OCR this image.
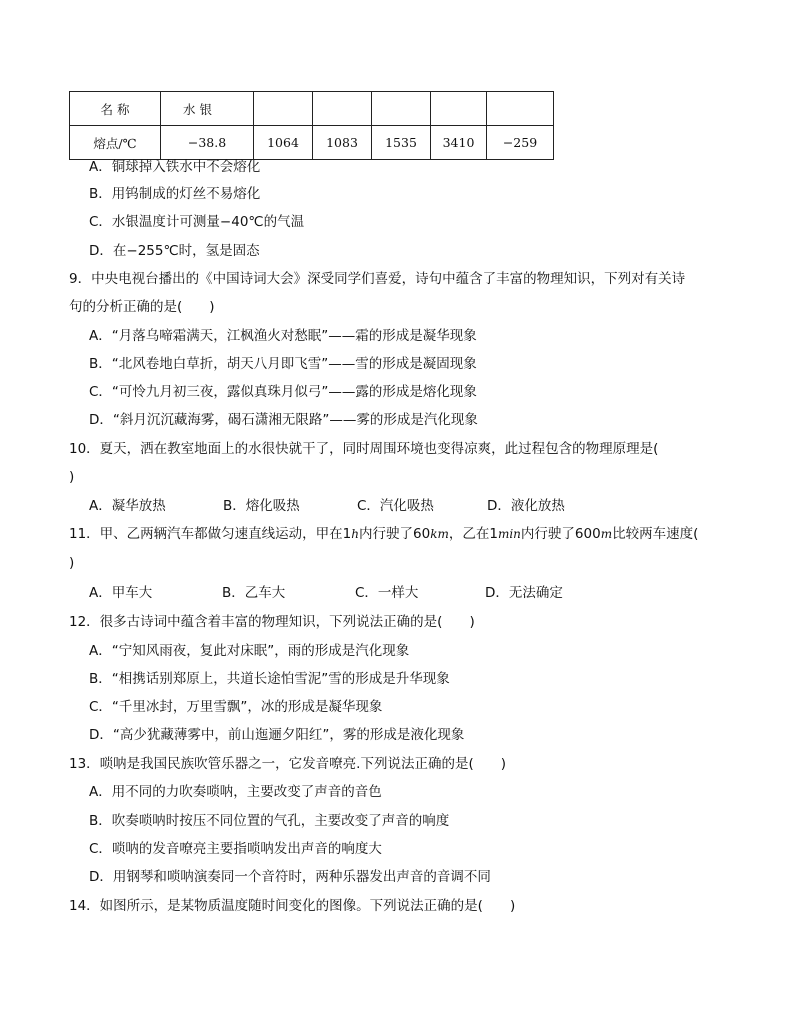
名 称	水 银					
熔点/℃	−38.8	1064	1083	1535	3410	−259
A．铜球掉入铁水中不会熔化
B．用钨制成的灯丝不易熔化
C．水银温度计可测量−40℃的气温
D．在−255℃时，氢是固态
9．中央电视台播出的《中国诗词大会》深受同学们喜爱，诗句中蕴含了丰富的物理知识，下列对有关诗
句的分析正确的是(　　)
A．“月落乌啼霜满天，江枫渔火对愁眠”——霜的形成是凝华现象
B．“北风卷地白草折，胡天八月即飞雪”——雪的形成是凝固现象
C．“可怜九月初三夜，露似真珠月似弓”——露的形成是熔化现象
D．“斜月沉沉藏海雾，碣石潇湘无限路”——雾的形成是汽化现象
10．夏天，洒在教室地面上的水很快就干了，同时周围环境也变得凉爽，此过程包含的物理原理是(
)
A．凝华放热	B．熔化吸热	C．汽化吸热	D．液化放热
11．甲、乙两辆汽车都做匀速直线运动，甲在1h内行驶了60km，乙在1min内行驶了600m比较两车速度(
)
A．甲车大	B．乙车大	C．一样大	D．无法确定
12．很多古诗词中蕴含着丰富的物理知识，下列说法正确的是(　　)
A．“宁知风雨夜，复此对床眠”，雨的形成是汽化现象
B．“相携话别郑原上，共道长途怕雪泥”雪的形成是升华现象
C．“千里冰封，万里雪飘”，冰的形成是凝华现象
D．“高少犹藏薄雾中，前山迤逦夕阳红”，雾的形成是液化现象
13．唢呐是我国民族吹管乐器之一，它发音嘹亮.下列说法正确的是(　　)
A．用不同的力吹奏唢呐，主要改变了声音的音色
B．吹奏唢呐时按压不同位置的气孔，主要改变了声音的响度
C．唢呐的发音嘹亮主要指唢呐发出声音的响度大
D．用钢琴和唢呐演奏同一个音符时，两种乐器发出声音的音调不同
14．如图所示，是某物质温度随时间变化的图像。下列说法正确的是(　　)
